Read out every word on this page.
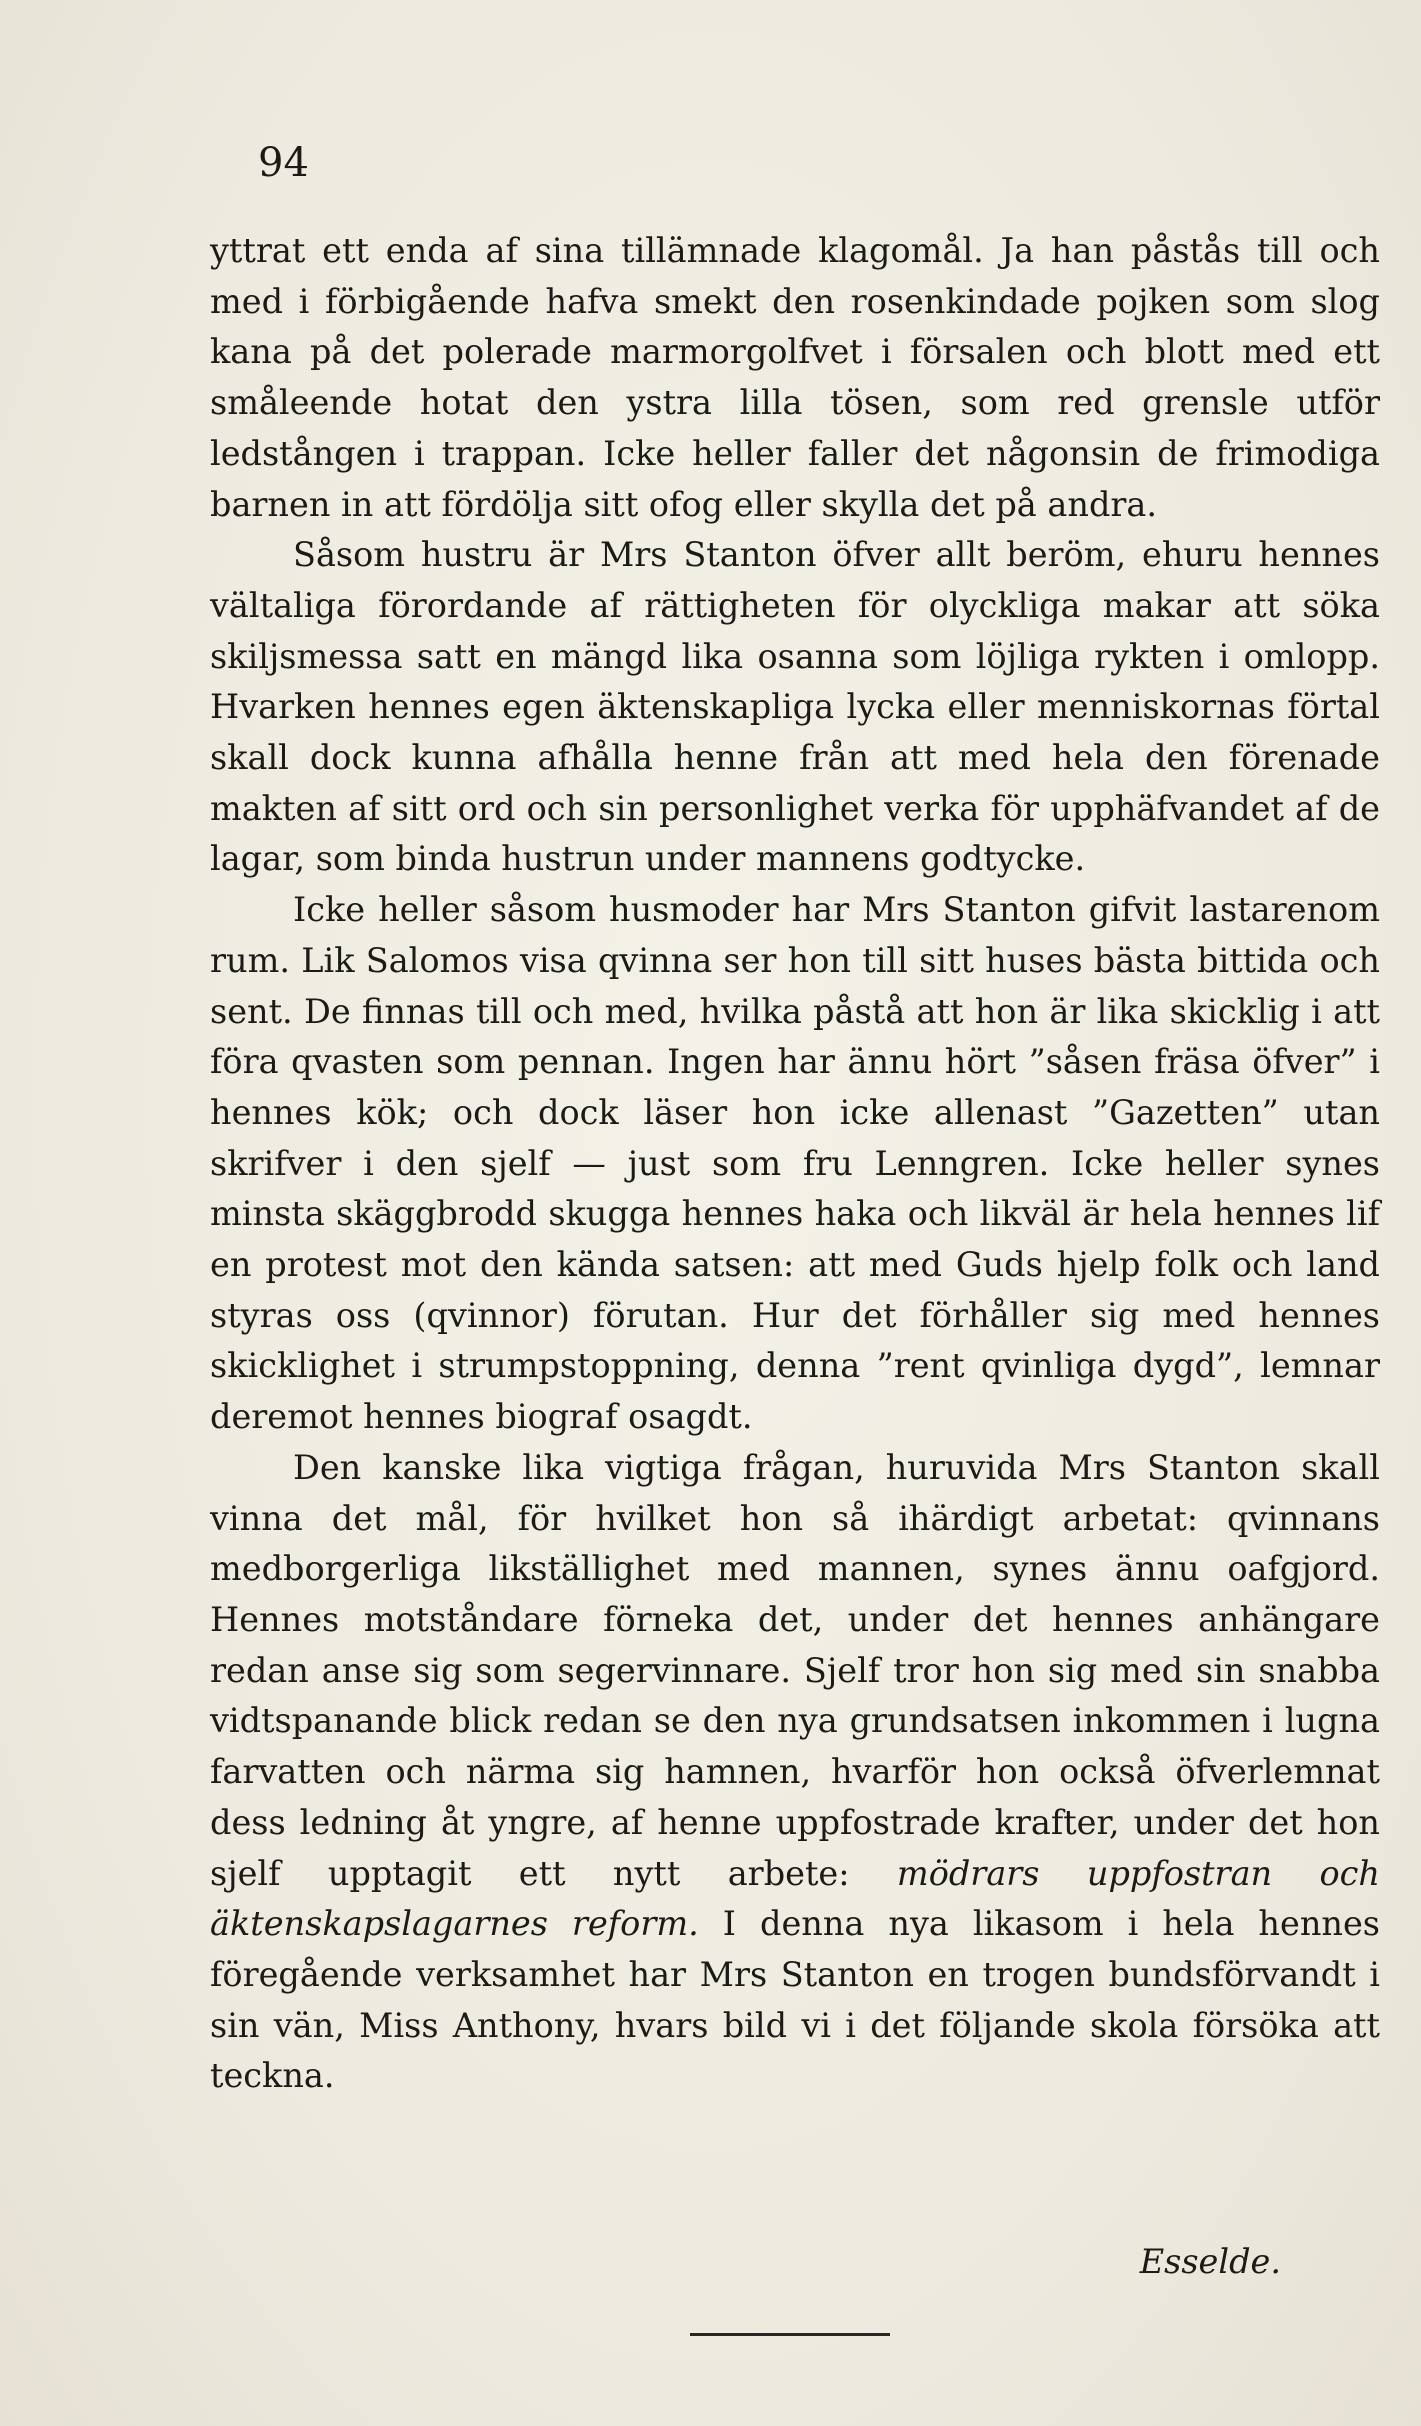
94

yttrat ett enda af sina tillämnade klagomål. Ja han påstås till och med i förbigående hafva smekt den rosenkindade pojken som slog kana på det polerade marmorgolfvet i försalen och blott med ett småleende hotat den ystra lilla tösen, som red grensle utför ledstången i trappan. Icke heller faller det någonsin de frimodiga barnen in att fördölja sitt ofog eller skylla det på andra.

Såsom hustru är Mrs Stanton öfver allt beröm, ehuru hennes vältaliga förordande af rättigheten för olyckliga makar att söka skiljsmessa satt en mängd lika osanna som löjliga rykten i omlopp. Hvarken hennes egen äktenskapliga lycka eller menniskornas förtal skall dock kunna afhålla henne från att med hela den förenade makten af sitt ord och sin personlighet verka för upphäfvandet af de lagar, som binda hustrun under mannens godtycke.

Icke heller såsom husmoder har Mrs Stanton gifvit lastarenom rum. Lik Salomos visa qvinna ser hon till sitt huses bästa bittida och sent. De finnas till och med, hvilka påstå att hon är lika skicklig i att föra qvasten som pennan. Ingen har ännu hört ”såsen fräsa öfver” i hennes kök; och dock läser hon icke allenast ”Gazetten” utan skrifver i den sjelf — just som fru Lenngren. Icke heller synes minsta skäggbrodd skugga hennes haka och likväl är hela hennes lif en protest mot den kända satsen: att med Guds hjelp folk och land styras oss (qvinnor) förutan. Hur det förhåller sig med hennes skicklighet i strumpstoppning, denna ”rent qvinliga dygd”, lemnar deremot hennes biograf osagdt.

Den kanske lika vigtiga frågan, huruvida Mrs Stanton skall vinna det mål, för hvilket hon så ihärdigt arbetat: qvinnans medborgerliga likställighet med mannen, synes ännu oafgjord. Hennes motståndare förneka det, under det hennes anhängare redan anse sig som segervinnare. Sjelf tror hon sig med sin snabba vidtspanande blick redan se den nya grundsatsen inkommen i lugna farvatten och närma sig hamnen, hvarför hon också öfverlemnat dess ledning åt yngre, af henne uppfostrade krafter, under det hon sjelf upptagit ett nytt arbete: mödrars uppfostran och äktenskapslagarnes reform. I denna nya likasom i hela hennes föregående verksamhet har Mrs Stanton en trogen bundsförvandt i sin vän, Miss Anthony, hvars bild vi i det följande skola försöka att teckna.

Esselde.
